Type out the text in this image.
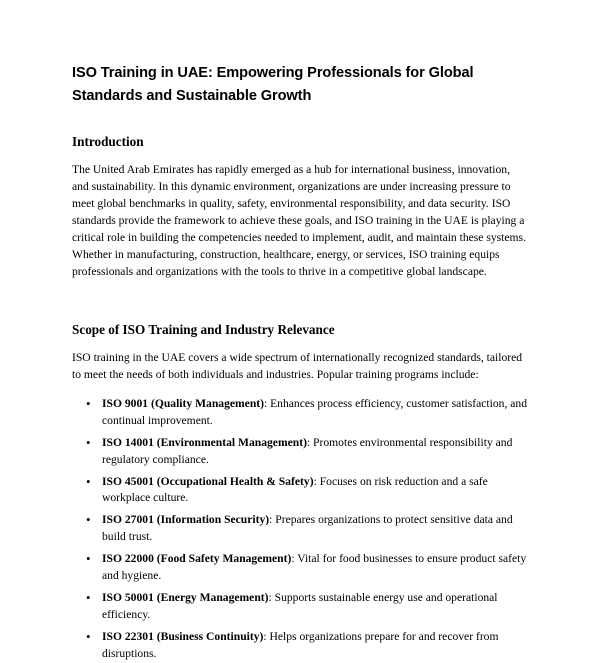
ISO Training in UAE: Empowering Professionals for Global Standards and Sustainable Growth
Introduction

The United Arab Emirates has rapidly emerged as a hub for international business, innovation, and sustainability. In this dynamic environment, organizations are under increasing pressure to meet global benchmarks in quality, safety, environmental responsibility, and data security. ISO standards provide the framework to achieve these goals, and ISO training in the UAE is playing a critical role in building the competencies needed to implement, audit, and maintain these systems. Whether in manufacturing, construction, healthcare, energy, or services, ISO training equips professionals and organizations with the tools to thrive in a competitive global landscape.

Scope of ISO Training and Industry Relevance

ISO training in the UAE covers a wide spectrum of internationally recognized standards, tailored to meet the needs of both individuals and industries. Popular training programs include:

• ISO 9001 (Quality Management): Enhances process efficiency, customer satisfaction, and continual improvement.
• ISO 14001 (Environmental Management): Promotes environmental responsibility and regulatory compliance.
• ISO 45001 (Occupational Health & Safety): Focuses on risk reduction and a safe workplace culture.
• ISO 27001 (Information Security): Prepares organizations to protect sensitive data and build trust.
• ISO 22000 (Food Safety Management): Vital for food businesses to ensure product safety and hygiene.
• ISO 50001 (Energy Management): Supports sustainable energy use and operational efficiency.
• ISO 22301 (Business Continuity): Helps organizations prepare for and recover from disruptions.
